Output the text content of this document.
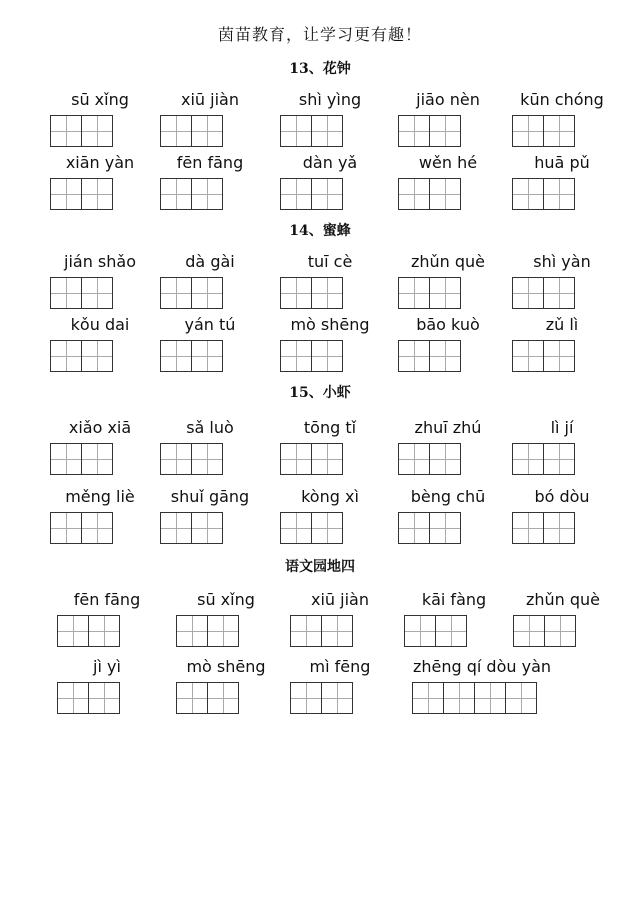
茵苗教育，让学习更有趣！
13、花钟
sū xǐng	xiū jiàn	shì yìng	jiāo nèn	kūn chóng
xiān yàn	fēn fāng	dàn yǎ	wěn hé	huā pǔ
14、蜜蜂
jián shǎo	dà gài	tuī cè	zhǔn què	shì yàn
kǒu dai	yán tú	mò shēng	bāo kuò	zǔ lì
15、小虾
xiǎo xiā	sǎ luò	tōng tǐ	zhuī zhú	lì jí
měng liè	shuǐ gāng	kòng xì	bèng chū	bó dòu
语文园地四
fēn fāng	sū xǐng	xiū jiàn	kāi fàng	zhǔn què
jì yì	mò shēng	mì fēng	zhēng qí dòu yàn
